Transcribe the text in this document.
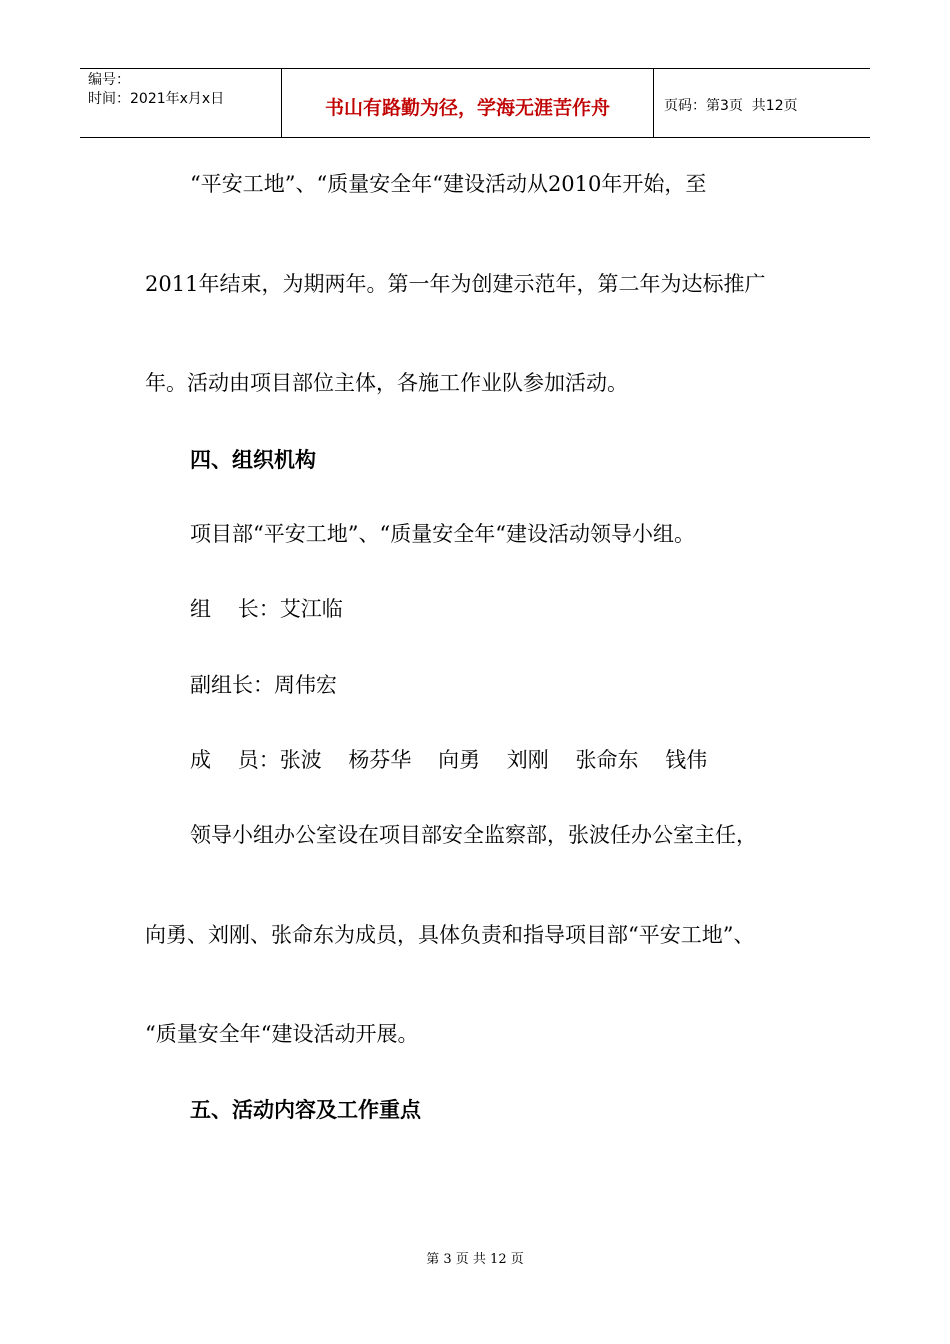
编号：
时间：2021年x月x日	书山有路勤为径，学海无涯苦作舟	页码：第3页  共12页
“平安工地”、“质量安全年“建设活动从2010年开始，至
2011年结束，为期两年。第一年为创建示范年，第二年为达标推广
年。活动由项目部位主体，各施工作业队参加活动。
四、组织机构
项目部“平安工地”、“质量安全年“建设活动领导小组。
组    长：艾江临
副组长：周伟宏
成    员：张波    杨芬华    向勇    刘刚    张命东    钱伟
领导小组办公室设在项目部安全监察部，张波任办公室主任，
向勇、刘刚、张命东为成员，具体负责和指导项目部“平安工地”、
“质量安全年“建设活动开展。
五、活动内容及工作重点
第 3 页 共 12 页
